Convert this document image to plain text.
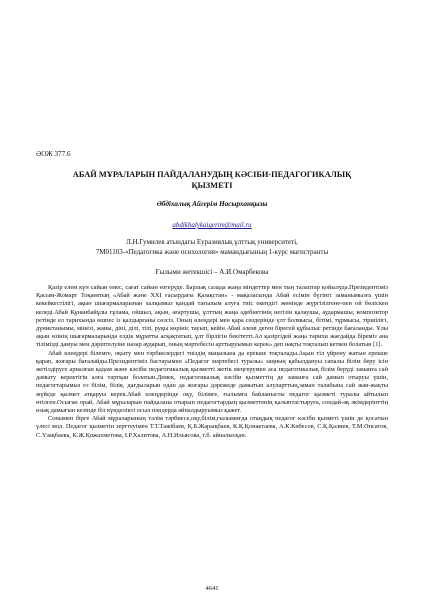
ӘОЖ 377.6
АБАЙ МҰРАЛАРЫН ПАЙДАЛАНУДЫҢ КӘСІБИ-ПЕДАГОГИКАЛЫҚ
ҚЫЗМЕТІ
Әбдіхалық Айгерім Насырханқызы
abdikhalykaigerim@mail.ru
Л.Н.Гумилев атындағы Еуразиялық ұлттық университеті,
7М01103-«Педагогика және психология» мамандығының 1-курс магистранты
Ғылыми жетекшісі – А.И.Омарбекова

Қазір елем күн сайын емес, сағат сайын өзгеруде. Барлық салада жаңа міндеттер мен тың талаптар қойылуда.Президентіміз Қасым-Жомарт Тоқаевтың «Абай және XXI ғасырдағы Қазақстан» - мақаласында Абай есімін бүгінгі заманымызға үшін кекейкестілігі, ақын шығармаларынан халқымыз қандай тағылым алуға тиіс екендігі жөнінде жүргізілгене-пен ой бөліскен келеді.Абай Құнанбайұлы ғұлама, ойшыл, ақын, ағартушы, ұлттың жаңа әдебиетінің негізін қалаушы, аудармашы, композитор ретінде ел тарихында өшпес із қалдырғаны сөзсіз. Оның өлеңдері мен қара сөздерінде үлт болмысы, бітімі, тұрмысы, тіршілігі, дүниетанымы, мінезі, жаны, діні, ділі, тілі, руқы көрініс тауып, кейін Абай әлемі деген бірегей құбылыс ретінде бағаланды. Ұлы ақын өзінің шығармаларында елдік мұратты асқақтатып, ұлт бірлігін бекітетті.Ал қазіргідей жаңа тарихи жағдайда біреміз ана тілімізді дамуы мен дәріптелуіне назар аударып, оның мәртебесін арттыруымыз керек» деп нақты тоқталып кеткен болатын [1].

Абай өлеңдері білемге, оқыту мен тәрбиелердегі тиіздің маңызына да ерекше тоқталады.Ақын тіл үйрену жатын ерекше қарап, жоғары бағалайды.Президентіміз бастауымен «Педагог мәртебесі туралы» заңның қабылдануы сапалы білім беру ісін жетілдіруге арналған қадам және кәсіби педагогикалық қызметті жетік меңгерумен аса педагогикалық білім беруді заманға сай дамыту керектігін алға тартқан болатын.Демек, педагогикалық кәсіби қызметтің де заманға сай дамып отыруы үшін, педагогтарымыз ез білім, білік, дағдыларын одан да жоғары дәрежеде дамытып алуларттың,заман талабына сай жан-жақты жүйеде қызмет атқаруы керек.Абай өлеңдерінде оқу, білімге, ғылымға байланысты педагог қызметі туралы айтылып өтілген.Осыған орай, Абай мұраларын пайдалана отырып педагогтардың қызметтенің қалыптастыруға, сондай-ақ әкімдерінттің өзық дамығын кезінде біз күнделікті осыл пәндерда айналдыруымыз қажет.

Сонымен бірге Абай мұраларының тәлім тәрбиесе,оқу,білім,ғылымиғда отаңдық педагог кәсіби қызметі үшін де қосатын үлесі мол. Педагог қызметін зерттеуімен Т.Т.Тажібаев, Қ.Б.Жарықбаев, К.Қ.Қонактаева, А.К.Көбесов, С.Қ.Қалиев, Т.М.Әпсатов, С.Үзақбаева, К.Ж.Қожахметова, І.Р.Халитова, А.Н.Ильясова, т.б. айналысқан.

4641
